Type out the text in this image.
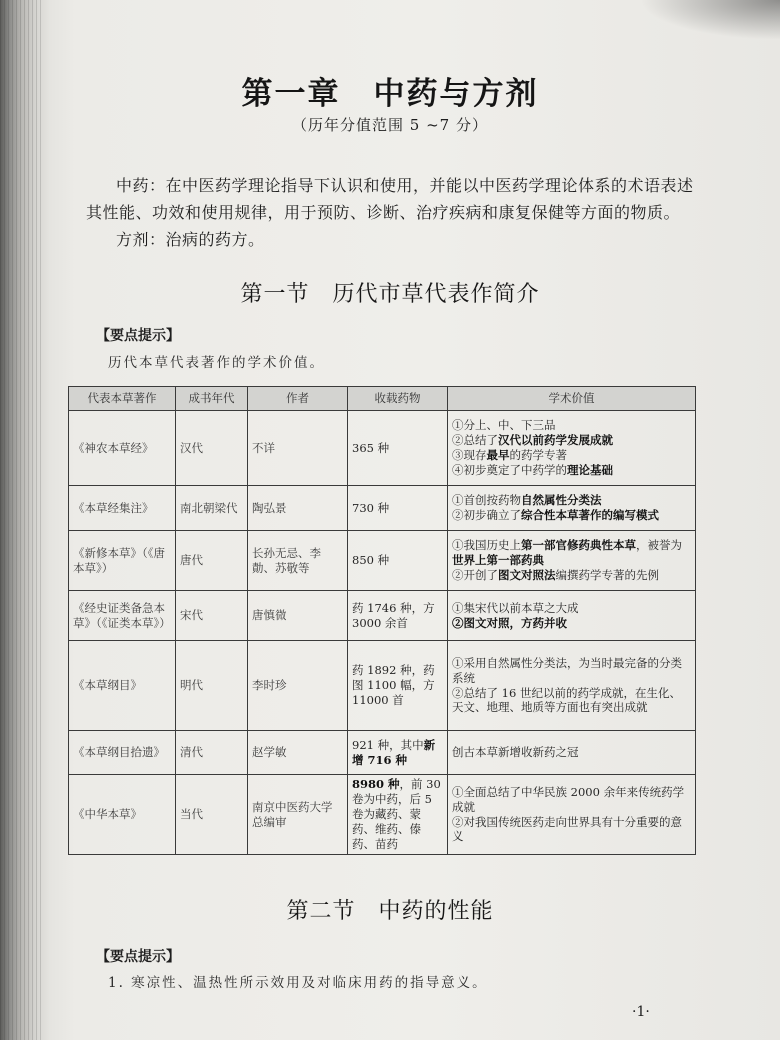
第一章　中药与方剂
（历年分值范围 5 ~7 分）

中药：在中医药学理论指导下认识和使用，并能以中医药学理论体系的术语表述其性能、功效和使用规律，用于预防、诊断、治疗疾病和康复保健等方面的物质。

方剂：治病的药方。

第一节　历代市草代表作简介
【要点提示】
历代本草代表著作的学术价值。
代表本草著作	成书年代	作者	收载药物	学术价值
《神农本草经》	汉代	不详	365 种	①分上、中、下三品
②总结了汉代以前药学发展成就
③现存最早的药学专著
④初步奠定了中药学的理论基础

《本草经集注》	南北朝梁代	陶弘景	730 种	①首创按药物自然属性分类法
②初步确立了综合性本草著作的编写模式

《新修本草》（《唐本草》）	唐代	长孙无忌、李勣、苏敬等	850 种	①我国历史上第一部官修药典性本草，被誉为世界上第一部药典
②开创了图文对照法编撰药学专著的先例

《经史证类备急本草》（《证类本草》）	宋代	唐慎微	药 1746 种，方 3000 余首	①集宋代以前本草之大成
②图文对照，方药并收

《本草纲目》	明代	李时珍	药 1892 种，药图 1100 幅，方 11000 首	①采用自然属性分类法，为当时最完备的分类系统
②总结了 16 世纪以前的药学成就，在生化、天文、地理、地质等方面也有突出成就

《本草纲目拾遗》	清代	赵学敏	921 种，其中新增 716 种	创古本草新增收新药之冠

《中华本草》	当代	南京中医药大学总编审	8980 种，前 30 卷为中药，后 5 卷为藏药、蒙药、维药、傣药、苗药	①全面总结了中华民族 2000 余年来传统药学成就
②对我国传统医药走向世界具有十分重要的意义
第二节　中药的性能
【要点提示】
1. 寒凉性、温热性所示效用及对临床用药的指导意义。
·1·
